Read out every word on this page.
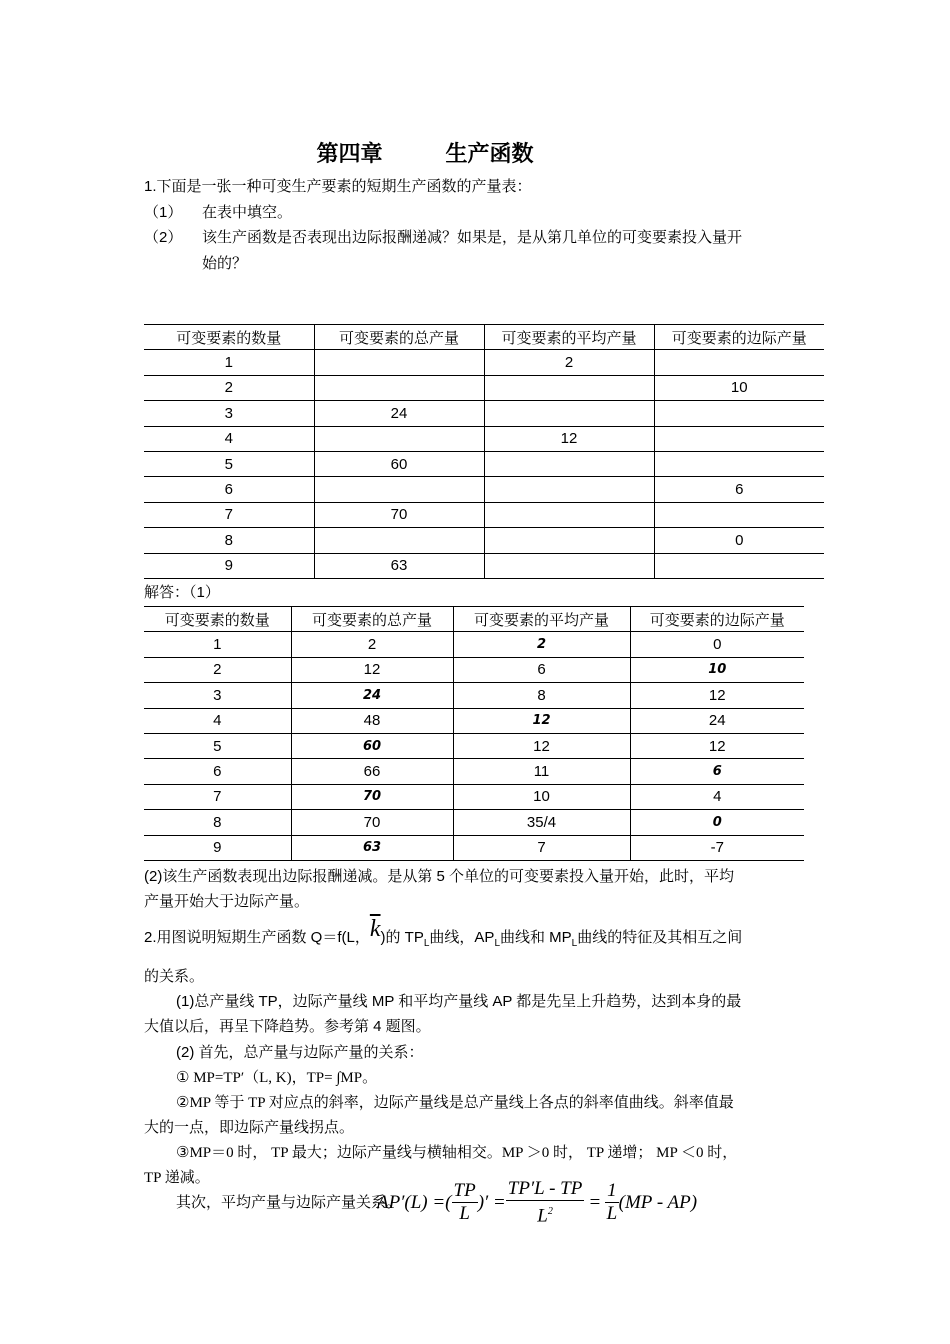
第四章	生产函数
1.下面是一张一种可变生产要素的短期生产函数的产量表：
（1） 在表中填空。
（2） 该生产函数是否表现出边际报酬递减？如果是，是从第几单位的可变要素投入量开
始的？
可变要素的数量	可变要素的总产量	可变要素的平均产量	可变要素的边际产量
1		2	
2			10
3	24		
4		12	
5	60		
6			6
7	70		
8			0
9	63		
解答：（1）
可变要素的数量	可变要素的总产量	可变要素的平均产量	可变要素的边际产量
1	2	2	0
2	12	6	10
3	24	8	12
4	48	12	24
5	60	12	12
6	66	11	6
7	70	10	4
8	70	35/4	0
9	63	7	-7
(2)该生产函数表现出边际报酬递减。是从第 5 个单位的可变要素投入量开始，此时，平均
产量开始大于边际产量。
2.用图说明短期生产函数 Q＝f(L，$\overline{k}$)的 $TP_L$曲线，$AP_L$曲线和 $MP_L$曲线的特征及其相互之间
的关系。
(1)总产量线 TP，边际产量线 MP 和平均产量线 AP 都是先呈上升趋势，达到本身的最
大值以后，再呈下降趋势。参考第 4 题图。
(2) 首先，总产量与边际产量的关系：
① MP=TP′（L, K)，TP= ∫MP。
②MP 等于 TP 对应点的斜率，边际产量线是总产量线上各点的斜率值曲线。斜率值最
大的一点，即边际产量线拐点。
③MP＝0 时， TP 最大；边际产量线与横轴相交。MP ＞0 时， TP 递增； MP ＜0 时，
TP 递减。
其次，平均产量与边际产量关系。
AP′(L) =( $\frac{TP}{L}$ )′ = $\frac{TP'L - TP}{L^2} = \frac{1}{L} (MP - AP)$
